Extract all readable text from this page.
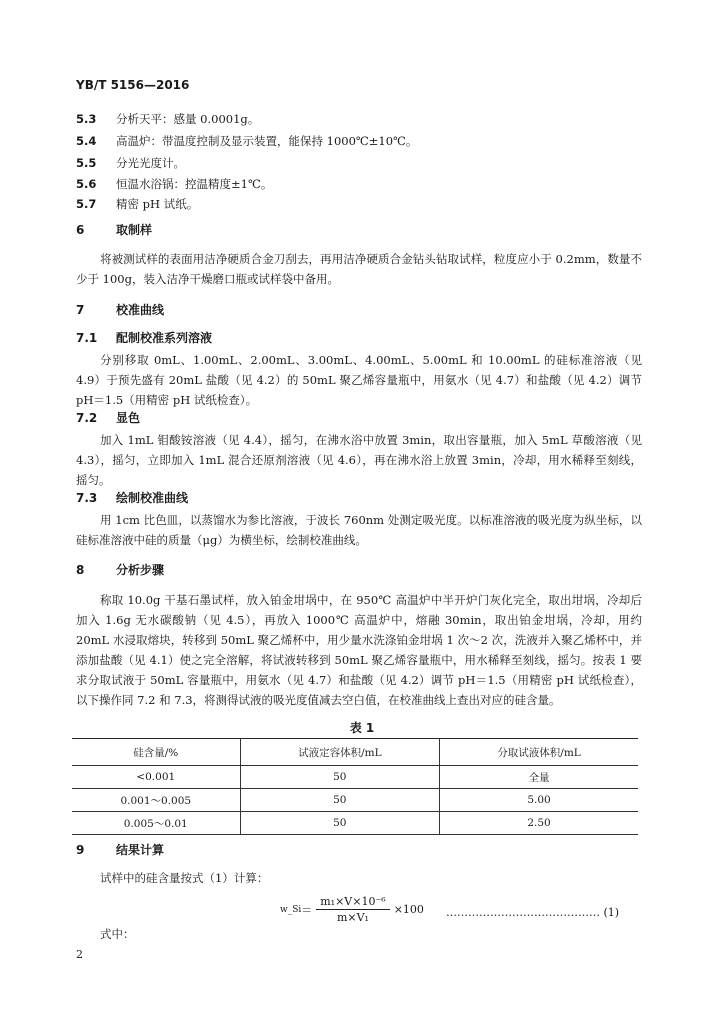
YB/T 5156—2016
5.3 分析天平：感量 0.0001g。
5.4 高温炉：带温度控制及显示装置，能保持 1000℃±10℃。
5.5 分光光度计。
5.6 恒温水浴锅：控温精度±1℃。
5.7 精密 pH 试纸。
6	取制样
将被测试样的表面用洁净硬质合金刀刮去，再用洁净硬质合金钻头钻取试样，粒度应小于 0.2mm，数量不少于 100g，装入洁净干燥磨口瓶或试样袋中备用。
7	校准曲线
7.1 配制校准系列溶液
分别移取 0mL、1.00mL、2.00mL、3.00mL、4.00mL、5.00mL 和 10.00mL 的硅标准溶液（见 4.9）于预先盛有 20mL 盐酸（见 4.2）的 50mL 聚乙烯容量瓶中，用氨水（见 4.7）和盐酸（见 4.2）调节 pH＝1.5（用精密 pH 试纸检查）。
7.2 显色
加入 1mL 钼酸铵溶液（见 4.4），摇匀，在沸水浴中放置 3min，取出容量瓶，加入 5mL 草酸溶液（见 4.3），摇匀，立即加入 1mL 混合还原剂溶液（见 4.6），再在沸水浴上放置 3min，冷却，用水稀释至刻线，摇匀。
7.3 绘制校准曲线
用 1cm 比色皿，以蒸馏水为参比溶液，于波长 760nm 处测定吸光度。以标准溶液的吸光度为纵坐标，以硅标准溶液中硅的质量（μg）为横坐标，绘制校准曲线。
8	分析步骤
称取 10.0g 干基石墨试样，放入铂金坩埚中，在 950℃ 高温炉中半开炉门灰化完全，取出坩埚，冷却后加入 1.6g 无水碳酸钠（见 4.5），再放入 1000℃ 高温炉中，熔融 30min，取出铂金坩埚，冷却，用约 20mL 水浸取熔块，转移到 50mL 聚乙烯杯中，用少量水洗涤铂金坩埚 1 次～2 次，洗液并入聚乙烯杯中，并添加盐酸（见 4.1）使之完全溶解，将试液转移到 50mL 聚乙烯容量瓶中，用水稀释至刻线，摇匀。按表 1 要求分取试液于 50mL 容量瓶中，用氨水（见 4.7）和盐酸（见 4.2）调节 pH＝1.5（用精密 pH 试纸检查），以下操作同 7.2 和 7.3，将测得试液的吸光度值减去空白值，在校准曲线上查出对应的硅含量。
表 1
硅含量/%	试液定容体积/mL	分取试液体积/mL
<0.001	50	全量
0.001～0.005	50	5.00
0.005～0.01	50	2.50
9	结果计算
试样中的硅含量按式（1）计算：
w_Si＝ $\frac{\text{m₁×V×10⁻⁶}}{\text{m×V₁}} \times 100$ …………………………………… (1)
式中：
2
